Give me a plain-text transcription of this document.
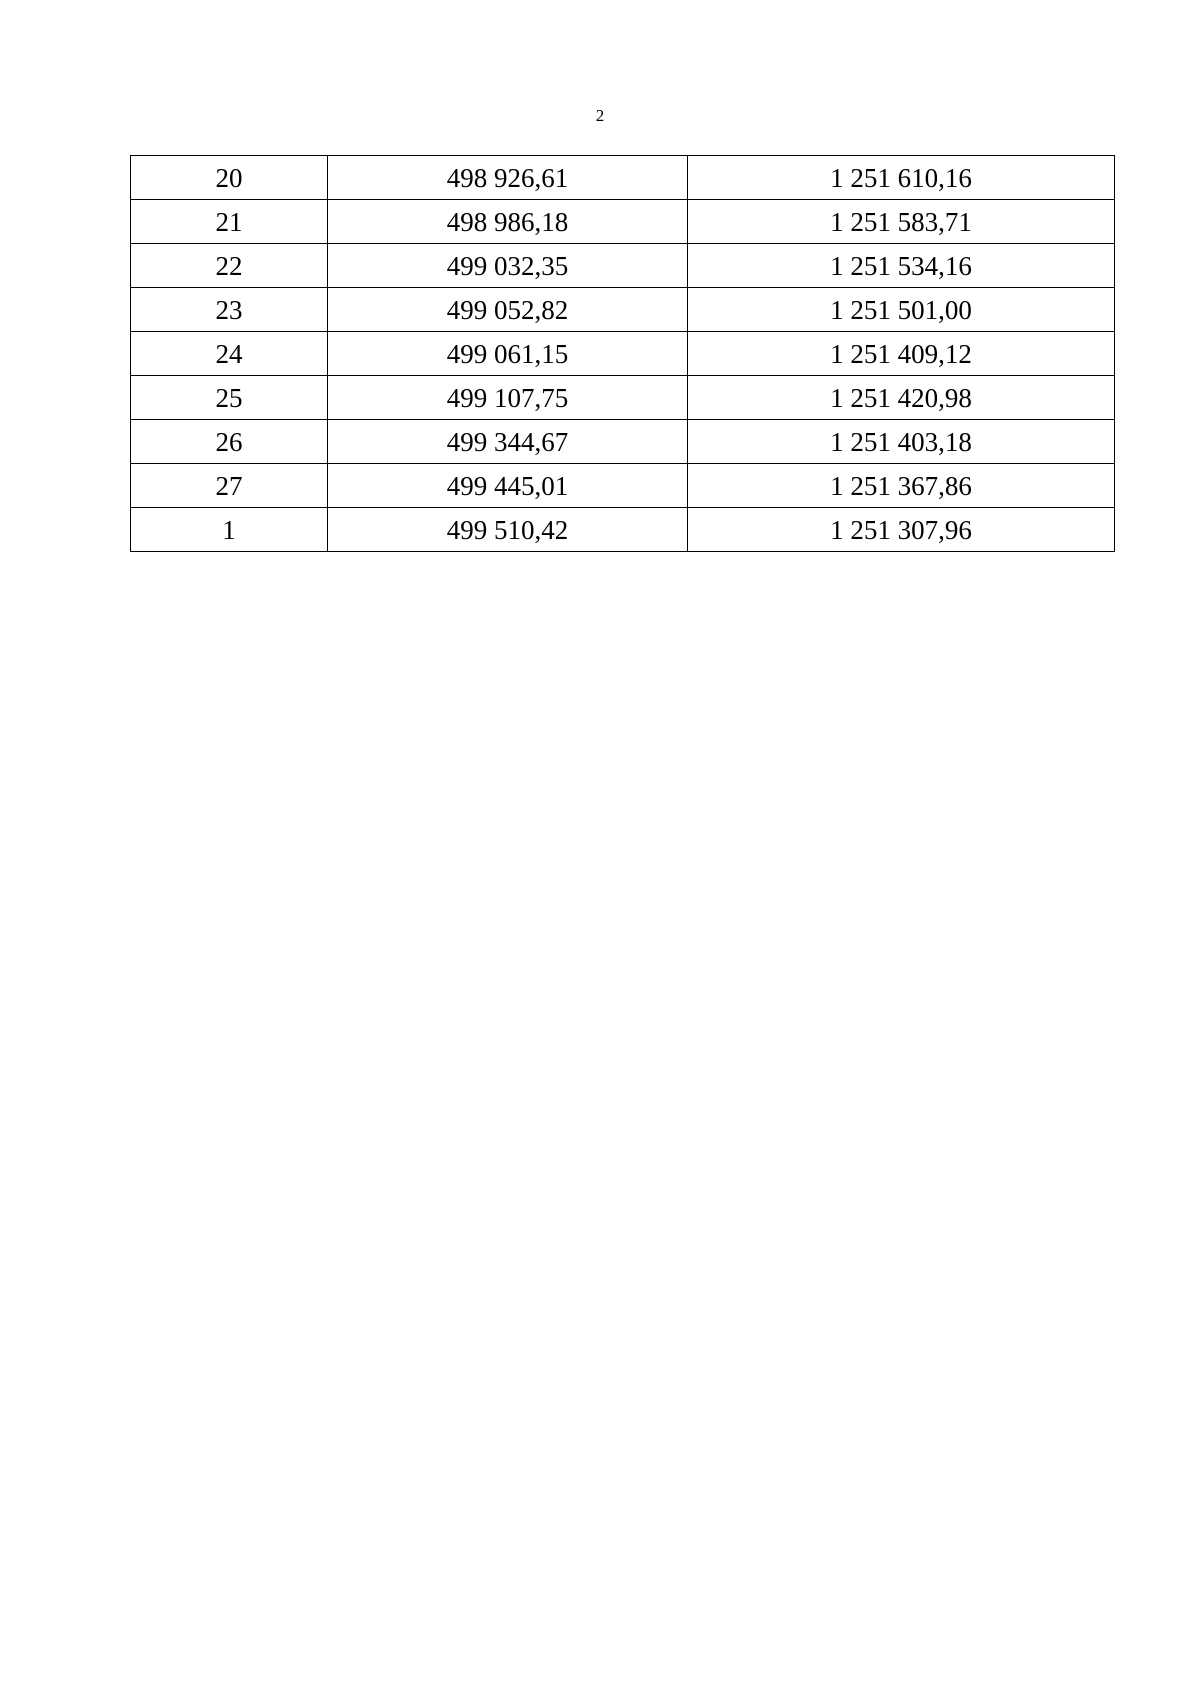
2
20	498 926,61	1 251 610,16
21	498 986,18	1 251 583,71
22	499 032,35	1 251 534,16
23	499 052,82	1 251 501,00
24	499 061,15	1 251 409,12
25	499 107,75	1 251 420,98
26	499 344,67	1 251 403,18
27	499 445,01	1 251 367,86
1	499 510,42	1 251 307,96
